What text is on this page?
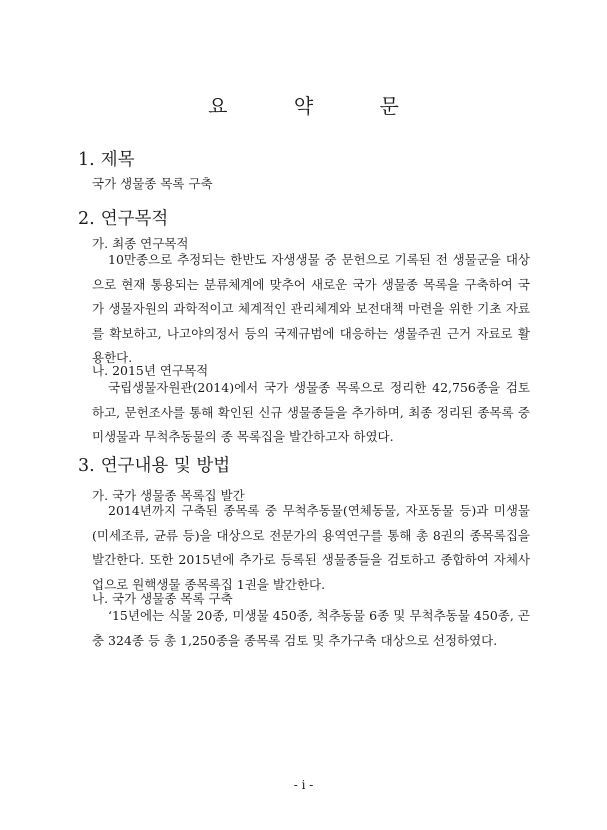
요 약 문
1. 제목
국가 생물종 목록 구축
2. 연구목적
가. 최종 연구목적

10만종으로 추정되는 한반도 자생생물 중 문헌으로 기록된 전 생물군을 대상으로 현재 통용되는 분류체계에 맞추어 새로운 국가 생물종 목록을 구축하여 국가 생물자원의 과학적이고 체계적인 관리체계와 보전대책 마련을 위한 기초 자료를 확보하고, 나고야의정서 등의 국제규범에 대응하는 생물주권 근거 자료로 활용한다.

나. 2015년 연구목적

국립생물자원관(2014)에서 국가 생물종 목록으로 정리한 42,756종을 검토하고, 문헌조사를 통해 확인된 신규 생물종들을 추가하며, 최종 정리된 종목록 중 미생물과 무척추동물의 종 목록집을 발간하고자 하였다.

3. 연구내용 및 방법
가. 국가 생물종 목록집 발간

2014년까지 구축된 종목록 중 무척추동물(연체동물, 자포동물 등)과 미생물(미세조류, 균류 등)을 대상으로 전문가의 용역연구를 통해 총 8권의 종목록집을 발간한다. 또한 2015년에 추가로 등록된 생물종들을 검토하고 종합하여 자체사업으로 원핵생물 종목록집 1권을 발간한다.

나. 국가 생물종 목록 구축

‘15년에는 식물 20종, 미생물 450종, 척추동물 6종 및 무척추동물 450종, 곤충 324종 등 총 1,250종을 종목록 검토 및 추가구축 대상으로 선정하였다.

- i -
